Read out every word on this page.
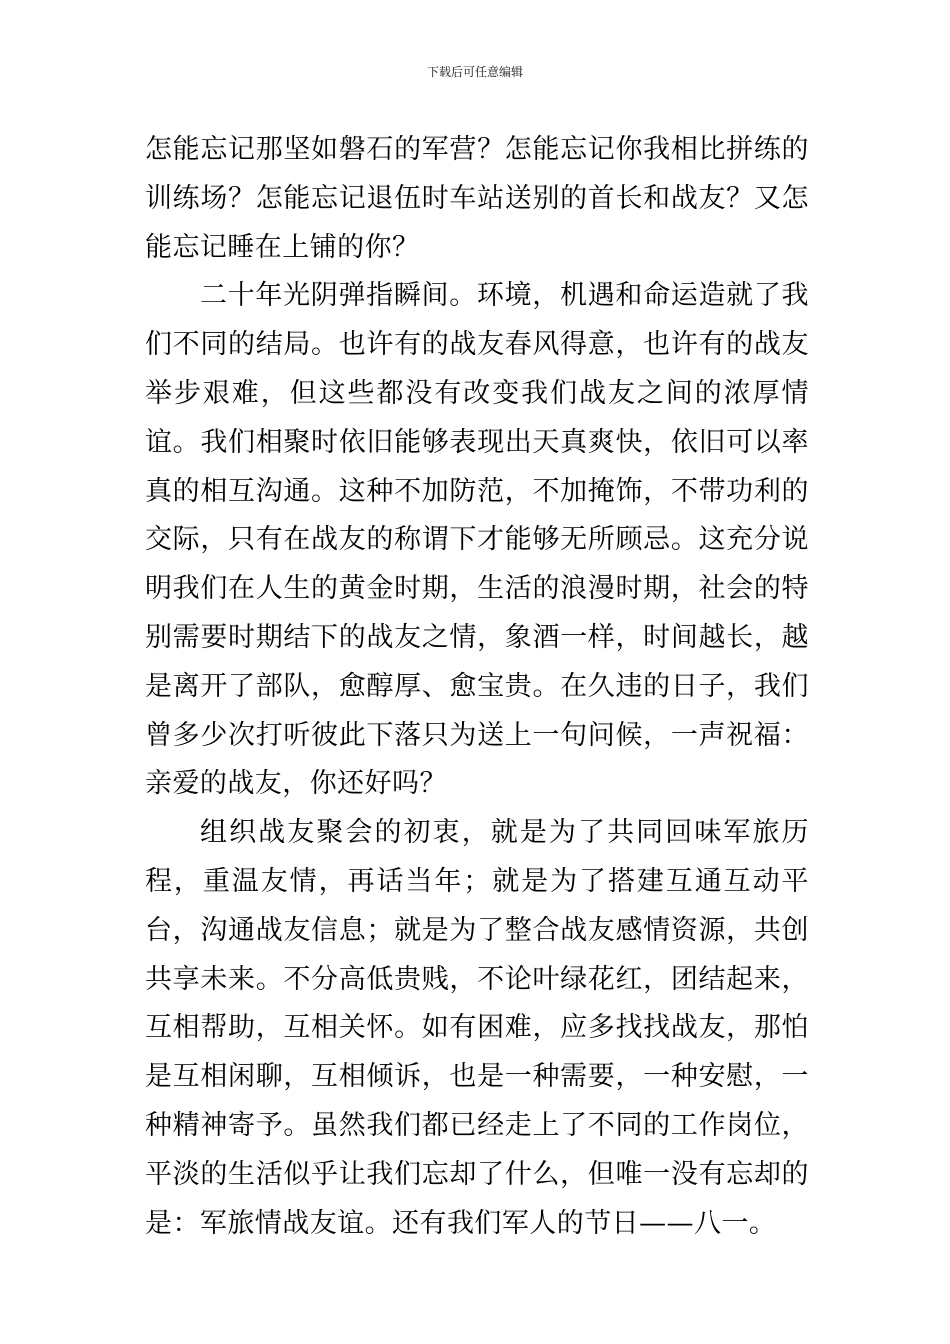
下载后可任意编辑

怎能忘记那坚如磐石的军营？怎能忘记你我相比拼练的训练场？怎能忘记退伍时车站送别的首长和战友？又怎能忘记睡在上铺的你？

二十年光阴弹指瞬间。环境，机遇和命运造就了我们不同的结局。也许有的战友春风得意，也许有的战友举步艰难，但这些都没有改变我们战友之间的浓厚情谊。我们相聚时依旧能够表现出天真爽快，依旧可以率真的相互沟通。这种不加防范，不加掩饰，不带功利的交际，只有在战友的称谓下才能够无所顾忌。这充分说明我们在人生的黄金时期，生活的浪漫时期，社会的特别需要时期结下的战友之情，象酒一样，时间越长，越是离开了部队，愈醇厚、愈宝贵。在久违的日子，我们曾多少次打听彼此下落只为送上一句问候，一声祝福：亲爱的战友，你还好吗？

组织战友聚会的初衷，就是为了共同回味军旅历程，重温友情，再话当年；就是为了搭建互通互动平台，沟通战友信息；就是为了整合战友感情资源，共创共享未来。不分高低贵贱，不论叶绿花红，团结起来，互相帮助，互相关怀。如有困难，应多找找战友，那怕是互相闲聊，互相倾诉，也是一种需要，一种安慰，一种精神寄予。虽然我们都已经走上了不同的工作岗位，平淡的生活似乎让我们忘却了什么，但唯一没有忘却的是：军旅情战友谊。还有我们军人的节日——八一。
